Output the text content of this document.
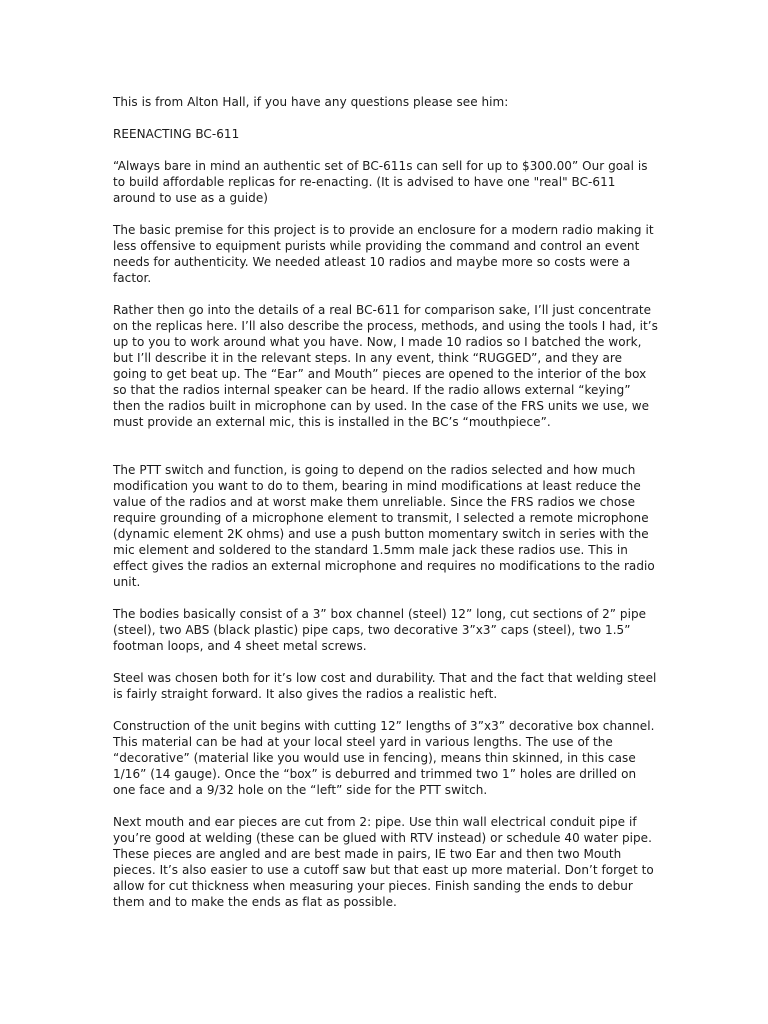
This is from Alton Hall, if you have any questions please see him:

REENACTING BC-611

“Always bare in mind an authentic set of BC-611s can sell for up to $300.00” Our goal is to build affordable replicas for re-enacting. (It is advised to have one "real" BC-611 around to use as a guide)

The basic premise for this project is to provide an enclosure for a modern radio making it less offensive to equipment purists while providing the command and control an event needs for authenticity. We needed atleast 10 radios and maybe more so costs were a factor.

Rather then go into the details of a real BC-611 for comparison sake, I’ll just concentrate on the replicas here. I’ll also describe the process, methods, and using the tools I had, it’s up to you to work around what you have. Now, I made 10 radios so I batched the work, but I’ll describe it in the relevant steps. In any event, think “RUGGED”, and they are going to get beat up. The “Ear” and Mouth” pieces are opened to the interior of the box so that the radios internal speaker can be heard. If the radio allows external “keying” then the radios built in microphone can by used. In the case of the FRS units we use, we must provide an external mic, this is installed in the BC’s “mouthpiece”.

The PTT switch and function, is going to depend on the radios selected and how much modification you want to do to them, bearing in mind modifications at least reduce the value of the radios and at worst make them unreliable. Since the FRS radios we chose require grounding of a microphone element to transmit, I selected a remote microphone (dynamic element 2K ohms) and use a push button momentary switch in series with the mic element and soldered to the standard 1.5mm male jack these radios use. This in effect gives the radios an external microphone and requires no modifications to the radio unit.

The bodies basically consist of a 3” box channel (steel) 12” long, cut sections of 2” pipe (steel), two ABS (black plastic) pipe caps, two decorative 3”x3” caps (steel), two 1.5” footman loops, and 4 sheet metal screws.

Steel was chosen both for it’s low cost and durability. That and the fact that welding steel is fairly straight forward. It also gives the radios a realistic heft.

Construction of the unit begins with cutting 12” lengths of 3”x3” decorative box channel. This material can be had at your local steel yard in various lengths. The use of the “decorative” (material like you would use in fencing), means thin skinned, in this case 1/16” (14 gauge). Once the “box” is deburred and trimmed two 1” holes are drilled on one face and a 9/32 hole on the “left” side for the PTT switch.

Next mouth and ear pieces are cut from 2: pipe. Use thin wall electrical conduit pipe if you’re good at welding (these can be glued with RTV instead) or schedule 40 water pipe. These pieces are angled and are best made in pairs, IE two Ear and then two Mouth pieces. It’s also easier to use a cutoff saw but that east up more material. Don’t forget to allow for cut thickness when measuring your pieces. Finish sanding the ends to debur them and to make the ends as flat as possible.
